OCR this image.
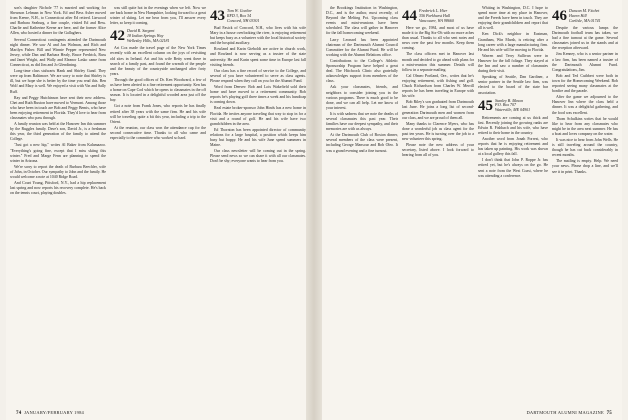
son's daughter Nichole '77 is married and working for Shearson Lehman in New York. Ed and Bess Asher moved from Keene, N.H., to Connecticut after Ed retired. Linwood and Barbara Seaburg, a fine couple, visited Ed and Bess. Charlie and Katherine Keene are here, and the former Alice Allen, who hosted a dinner for the Gallaghers.

Several Connecticut contingents attended the Dartmouth night dinner. We saw Al and Jan Wolman, and Rich and Marilyn Fisher. Bill and Winnie Pepper represented New Jersey, while Dan and Barbara Healy, Bruce Fredrick, Russ and Janet Wright, and Wally and Eleanor Lasko came from Connecticut, as did Jim and Jo Glendining.

Long-time class stalwarts Hank and Shirley Gund. They were up from Baltimore. We are sorry to note that Shirley is ill, but we hope she is better by the time you read this. Ben Wolf and Mary is well. We enjoyed a visit with Vin and Sally Ruff.

Ray and Peggy Hutchinson have sent their new address. Chet and Ruth Buxton have moved to Vermont. Among those who have been in touch are Bob and Peggy Bemis, who have been enjoying retirement in Florida. They'd love to hear from classmates who pass through.

A family reunion was held at the Hanover Inn this summer by the Ruggles family. Dave's son, David Jr., is a freshman this year, the third generation of the family to attend the College.

"Just got a new hip," writes Al Baker from Kalamazoo. "Everything's going fine, except that I miss skiing this winter." Fred and Marge Fenn are planning to spend the winter in Arizona.

We're sorry to report the death of Barbara Beechler, wife of John, in October. Our sympathy to John and the family. He would welcome a note at 1040 Ridge Road.

And Court Young, Pittsford, N.Y., had a hip replacement last spring and now reports his recovery complete. He's back on the tennis court, playing doubles.

was still quite hot in the evenings when we left. Now we are back home in New Hampshire, looking forward to a great winter of skiing. Let me hear from you, I'll answer every letter, so keep it coming.

42 David R. Sargent
18 Indian Springs Way
Wellesley Hills, MA 02181

Art Cox made the travel page of the New York Times recently with an excellent column on the joys of revisiting old sites in Ireland. Art and his wife Betty went there in search of a family past, and found the warmth of the people and the beauty of the countryside unchanged after forty years.

Through the good offices of Dr. Ken Woodward, a few of us have been alerted to a fine retirement opportunity. Ken has a home on Cape Cod which he opens to classmates in the off season. It is located in a delightful wooded area just off the bay.

Got a note from Frank Jones, who reports he has finally retired after 38 years with the same firm. He and his wife will be traveling quite a bit this year, including a trip to the Orient.

At the reunion, our class won the attendance cup for the second consecutive time. Thanks to all who came and especially to the committee who worked so hard.

43 Tom W. Goelter
RFD 3, Box 34
Concord, NH 03301

Bud Fasick of Concord, N.H., who lives with his wife Mary in a house overlooking the river, is enjoying retirement but keeps busy as a volunteer with the local historical society and the hospital auxiliary.

Rowland and Karin Gieboldt are active in church work, and Rowland is now serving as a trustee of the state university. He and Karin spent some time in Europe last fall visiting friends.

Our class has a fine record of service to the College, and several of you have volunteered to serve as class agents. Please respond when they call on you for the Alumni Fund.

Word from Denver: Bob and Lois Wakefield sold their home and have moved to a retirement community. Bob reports he's playing golf three times a week and his handicap is coming down.

Real estate broker-sponsor John Hinds has a new home in Florida. He invites anyone traveling that way to stop in for a visit and a round of golf. He and his wife have two grandchildren in the area.

Ed Thornton has been appointed director of community relations for a large hospital, a position which keeps him busy but happy. He and his wife June spend summers in Maine.

Our class newsletter will be coming out in the spring. Please send news so we can share it with all our classmates. Don't be shy; everyone wants to hear from you.

74 JANUARY/FEBRUARY 1984

the Brookings Institution in Washington, D.C., and is the author, most recently, of Beyond the Melting Pot. Upcoming class events and mini-reunions have been scheduled. The class will gather in Hanover for the fall homecoming weekend.

Larry Leonard has been appointed chairman of the Dartmouth Alumni Council Committee for the Alumni Fund. He will be working with the Alumni Relations office.

Contributions to the College's Athletic Sponsorship Program have helped a great deal. The Hitchcock Clinic also gratefully acknowledges support from members of the class.

Ask your classmates, friends, and neighbors to consider joining you in the various programs. There is much good to be done, and we can all help. Let me know of your interest.

It is with sadness that we note the deaths of several classmates this past year. Their families have our deepest sympathy, and their memories are with us always.

At the Dartmouth Club of Boston dinner, several members of the class were present, including George Mansour and Bob Oleo. It was a grand evening and a fine turnout.

44 Frederick L. Hier
356 Parkhurst Hall
Vancouver, WA 98660

Here we go, 1984, and most of us have made it to the Big Six-Oh with no more aches than usual. Thanks to all who sent notes and news over the past few months. Keep them coming.

The class officers met in Hanover last month and decided to go ahead with plans for a mini-reunion this summer. Details will follow in a separate mailing.

Cal Olmeo Portland, Ore., writes that he's enjoying retirement, with fishing and golf. Chuck Richardson from Charles W. Merrill reports he has been traveling in Europe with his wife.

Bob Riley's son graduated from Dartmouth last June. He joins a long list of second-generation Dartmouth men and women from our class, and we are proud of them all.

Many thanks to Clarence Myers, who has done a wonderful job as class agent for the past ten years. He is turning over the job to a new volunteer this spring.

Please note the new address of your secretary, listed above. I look forward to hearing from all of you.

Whiting in Washington, D.C. I hope to spend more time at my place in Hanover, and the Freeds have been in touch. They are enjoying their grandchildren and report that all is well.

Ken Dick's neighbor in Eastman, Grantham, Win Marsh, is retiring after a long career with a large manufacturing firm. He and his wife will be moving to Florida.

Warren and Terry Sullivan were in Hanover for the fall foliage. They stayed at the Inn and saw a number of classmates during their visit.

Speaking of Seattle, Dan Gardiner, a senior partner in the Seattle law firm, was elected to the board of the state bar association.

45 Stanley B. Mason
P.O. Box 707
Waterville, ME 04901

Retirements are coming at us thick and fast. Recently joining the growing ranks are Edwin R. Fishbach and his wife, who have retired to their home in the country.

Another word from Jonah Forrest, who reports that he is enjoying retirement and has taken up painting. His work was shown at a local gallery this fall.

I don't think that John P. Roppe Jr. has retired yet, but he's always on the go. He sent a note from the West Coast, where he was attending a conference.

46 Duncan M. Fitchet
Haven Hill
Carlisle, MA 01741

Despite the various lumps the Dartmouth football team has taken, we had a fine turnout at the game. Several classmates joined us in the stands and at the reception afterward.

Jim Kenney, who is a senior partner in a law firm, has been named a trustee of the Dartmouth Alumni Fund. Congratulations, Jim.

Bob and Ted Cuthbert were both in town for the Homecoming Weekend. Bob reported seeing many classmates at the bonfire and the parade.

After the game we adjourned to the Hanover Inn where the class held a dinner. It was a delightful gathering, and the food was excellent.

Thom Schulkins writes that he would like to hear from any classmates who might be in the area next summer. He has a boat and loves company on the water.

It was nice to hear from John Wells. He is still traveling around the country, though he has cut back considerably in recent months.

The mailing is empty. Help. We need your news. Please drop a line, and we'll see it in print. Thanks.

DARTMOUTH ALUMNI MAGAZINE 75
